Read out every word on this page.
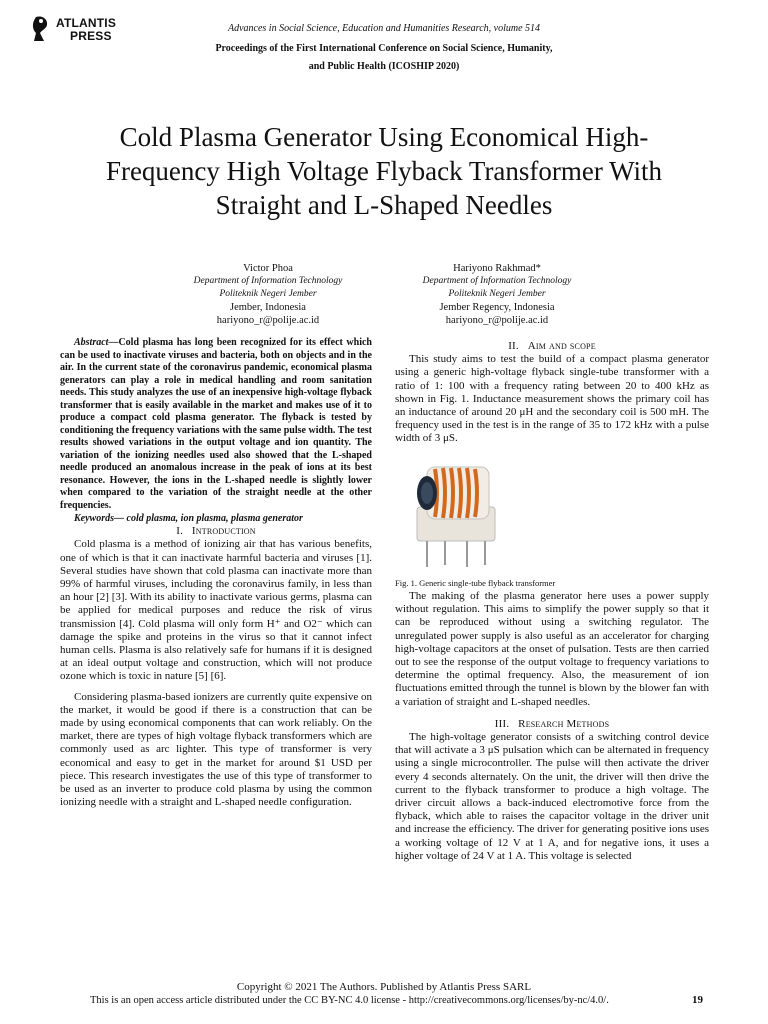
ATLANTIS
PRESS
Advances in Social Science, Education and Humanities Research, volume 514
Proceedings of the First International Conference on Social Science, Humanity,
and Public Health (ICOSHIP 2020)
Cold Plasma Generator Using Economical High-
Frequency High Voltage Flyback Transformer With
Straight and L-Shaped Needles
Victor Phoa
Department of Information Technology
Politeknik Negeri Jember
Jember, Indonesia
hariyono_r@polije.ac.id
Hariyono Rakhmad*
Department of Information Technology
Politeknik Negeri Jember
Jember Regency, Indonesia
hariyono_r@polije.ac.id

Abstract—Cold plasma has long been recognized for its effect which can be used to inactivate viruses and bacteria, both on objects and in the air. In the current state of the coronavirus pandemic, economical plasma generators can play a role in medical handling and room sanitation needs. This study analyzes the use of an inexpensive high-voltage flyback transformer that is easily available in the market and makes use of it to produce a compact cold plasma generator. The flyback is tested by conditioning the frequency variations with the same pulse width. The test results showed variations in the output voltage and ion quantity. The variation of the ionizing needles used also showed that the L-shaped needle produced an anomalous increase in the peak of ions at its best resonance. However, the ions in the L-shaped needle is slightly lower when compared to the variation of the straight needle at the other frequencies.

Keywords— cold plasma, ion plasma, plasma generator

I. Introduction

Cold plasma is a method of ionizing air that has various benefits, one of which is that it can inactivate harmful bacteria and viruses [1]. Several studies have shown that cold plasma can inactivate more than 99% of harmful viruses, including the coronavirus family, in less than an hour [2] [3]. With its ability to inactivate various germs, plasma can be applied for medical purposes and reduce the risk of virus transmission [4]. Cold plasma will only form H⁺ and O2⁻ which can damage the spike and proteins in the virus so that it cannot infect human cells. Plasma is also relatively safe for humans if it is designed at an ideal output voltage and construction, which will not produce ozone which is toxic in nature [5] [6].

Considering plasma-based ionizers are currently quite expensive on the market, it would be good if there is a construction that can be made by using economical components that can work reliably. On the market, there are types of high voltage flyback transformers which are commonly used as arc lighter. This type of transformer is very economical and easy to get in the market for around $1 USD per piece. This research investigates the use of this type of transformer to be used as an inverter to produce cold plasma by using the common ionizing needle with a straight and L-shaped needle configuration.

II. Aim and scope

This study aims to test the build of a compact plasma generator using a generic high-voltage flyback single-tube transformer with a ratio of 1: 100 with a frequency rating between 20 to 400 kHz as shown in Fig. 1. Inductance measurement shows the primary coil has an inductance of around 20 μH and the secondary coil is 500 mH. The frequency used in the test is in the range of 35 to 172 kHz with a pulse width of 3 μS.

Fig. 1. Generic single-tube flyback transformer

The making of the plasma generator here uses a power supply without regulation. This aims to simplify the power supply so that it can be reproduced without using a switching regulator. The unregulated power supply is also useful as an accelerator for charging high-voltage capacitors at the onset of pulsation. Tests are then carried out to see the response of the output voltage to frequency variations to determine the optimal frequency. Also, the measurement of ion fluctuations emitted through the tunnel is blown by the blower fan with a variation of straight and L-shaped needles.

III. Research Methods

The high-voltage generator consists of a switching control device that will activate a 3 μS pulsation which can be alternated in frequency using a single microcontroller. The pulse will then activate the driver every 4 seconds alternately. On the unit, the driver will then drive the current to the flyback transformer to produce a high voltage. The driver circuit allows a back-induced electromotive force from the flyback, which able to raises the capacitor voltage in the driver unit and increase the efficiency. The driver for generating positive ions uses a working voltage of 12 V at 1 A, and for negative ions, it uses a higher voltage of 24 V at 1 A. This voltage is selected

Copyright © 2021 The Authors. Published by Atlantis Press SARL
This is an open access article distributed under the CC BY-NC 4.0 license - http://creativecommons.org/licenses/by-nc/4.0/.	19
